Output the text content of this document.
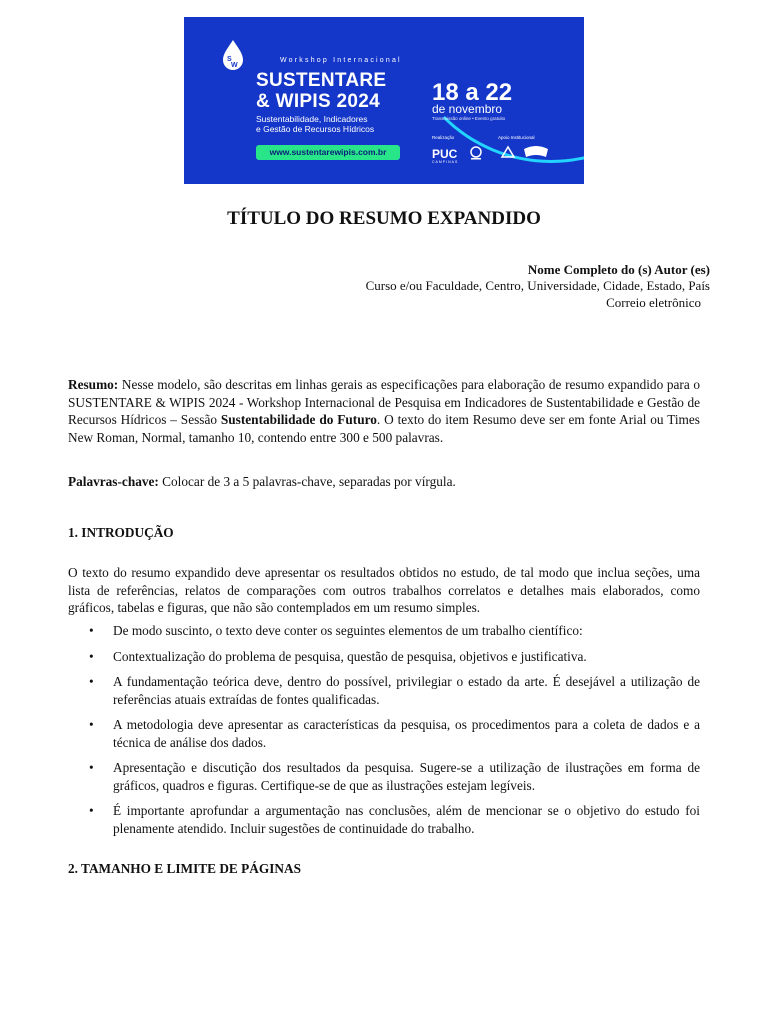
S
W
Workshop Internacional
SUSTENTARE
& WIPIS 2024
Sustentabilidade, Indicadores
e Gestão de Recursos Hídricos
www.sustentarewipis.com.br
18 a 22
de novembro
Transmissão online • Evento gratuito
Realização	Apoio Institucional
PUC
CAMPINAS
TÍTULO DO RESUMO EXPANDIDO
Nome Completo do (s) Autor (es)
Curso e/ou Faculdade, Centro, Universidade, Cidade, Estado, País
Correio eletrônico

Resumo: Nesse modelo, são descritas em linhas gerais as especificações para elaboração de resumo expandido para o SUSTENTARE & WIPIS 2024 - Workshop Internacional de Pesquisa em Indicadores de Sustentabilidade e Gestão de Recursos Hídricos – Sessão Sustentabilidade do Futuro. O texto do item Resumo deve ser em fonte Arial ou Times New Roman, Normal, tamanho 10, contendo entre 300 e 500 palavras.

Palavras-chave: Colocar de 3 a 5 palavras-chave, separadas por vírgula.

1. INTRODUÇÃO

O texto do resumo expandido deve apresentar os resultados obtidos no estudo, de tal modo que inclua seções, uma lista de referências, relatos de comparações com outros trabalhos correlatos e detalhes mais elaborados, como gráficos, tabelas e figuras, que não são contemplados em um resumo simples.

• De modo suscinto, o texto deve conter os seguintes elementos de um trabalho científico:
• Contextualização do problema de pesquisa, questão de pesquisa, objetivos e justificativa.
• A fundamentação teórica deve, dentro do possível, privilegiar o estado da arte. É desejável a utilização de referências atuais extraídas de fontes qualificadas.
• A metodologia deve apresentar as características da pesquisa, os procedimentos para a coleta de dados e a técnica de análise dos dados.
• Apresentação e discutição dos resultados da pesquisa. Sugere-se a utilização de ilustrações em forma de gráficos, quadros e figuras. Certifique-se de que as ilustrações estejam legíveis.
• É importante aprofundar a argumentação nas conclusões, além de mencionar se o objetivo do estudo foi plenamente atendido. Incluir sugestões de continuidade do trabalho.
2. TAMANHO E LIMITE DE PÁGINAS
